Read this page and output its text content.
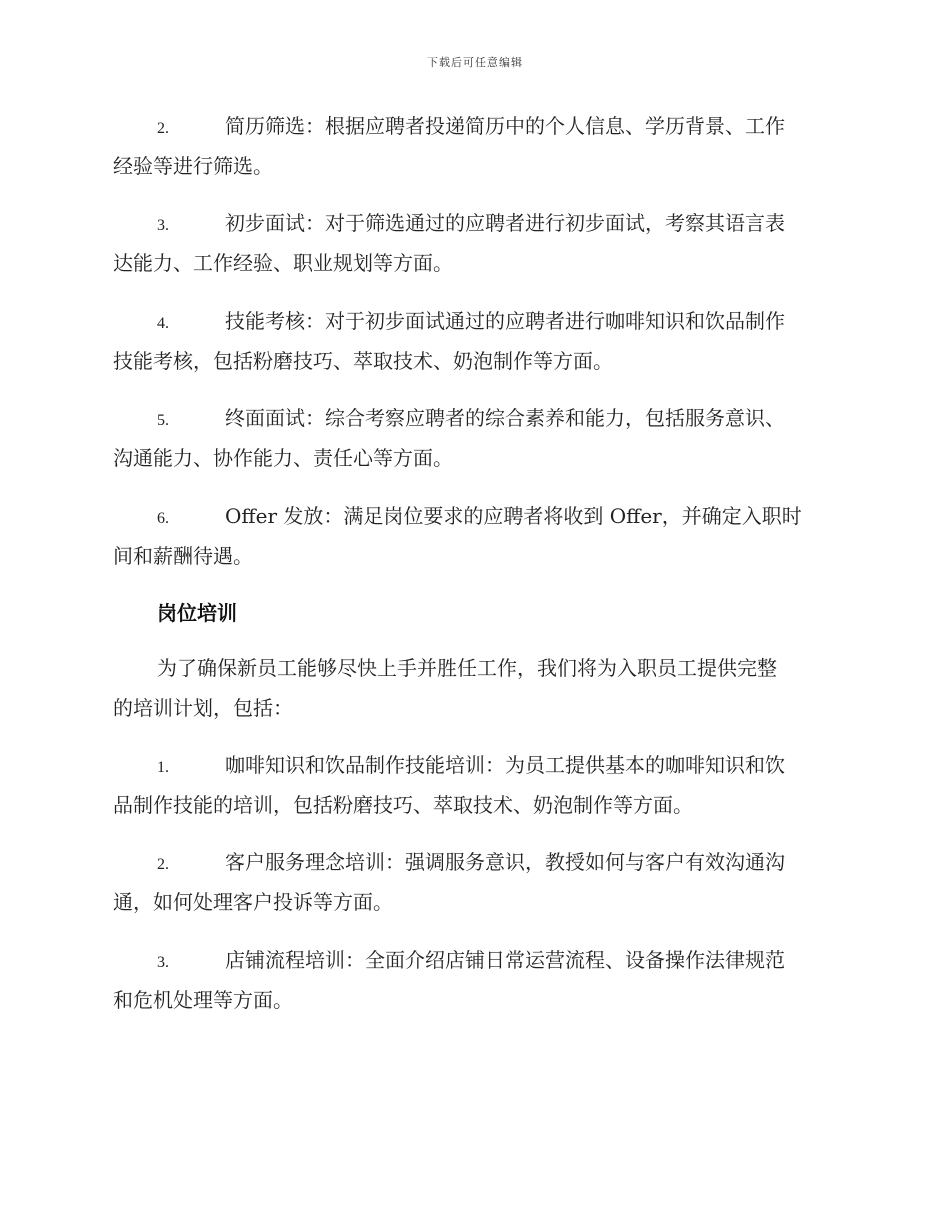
下载后可任意编辑
2.	简历筛选：根据应聘者投递简历中的个人信息、学历背景、工作
经验等进行筛选。
3.	初步面试：对于筛选通过的应聘者进行初步面试，考察其语言表
达能力、工作经验、职业规划等方面。
4.	技能考核：对于初步面试通过的应聘者进行咖啡知识和饮品制作
技能考核，包括粉磨技巧、萃取技术、奶泡制作等方面。
5.	终面面试：综合考察应聘者的综合素养和能力，包括服务意识、
沟通能力、协作能力、责任心等方面。
6.	Offer 发放：满足岗位要求的应聘者将收到 Offer，并确定入职时
间和薪酬待遇。
岗位培训
为了确保新员工能够尽快上手并胜任工作，我们将为入职员工提供完整
的培训计划，包括：
1.	咖啡知识和饮品制作技能培训：为员工提供基本的咖啡知识和饮
品制作技能的培训，包括粉磨技巧、萃取技术、奶泡制作等方面。
2.	客户服务理念培训：强调服务意识，教授如何与客户有效沟通沟
通，如何处理客户投诉等方面。
3.	店铺流程培训：全面介绍店铺日常运营流程、设备操作法律规范
和危机处理等方面。
